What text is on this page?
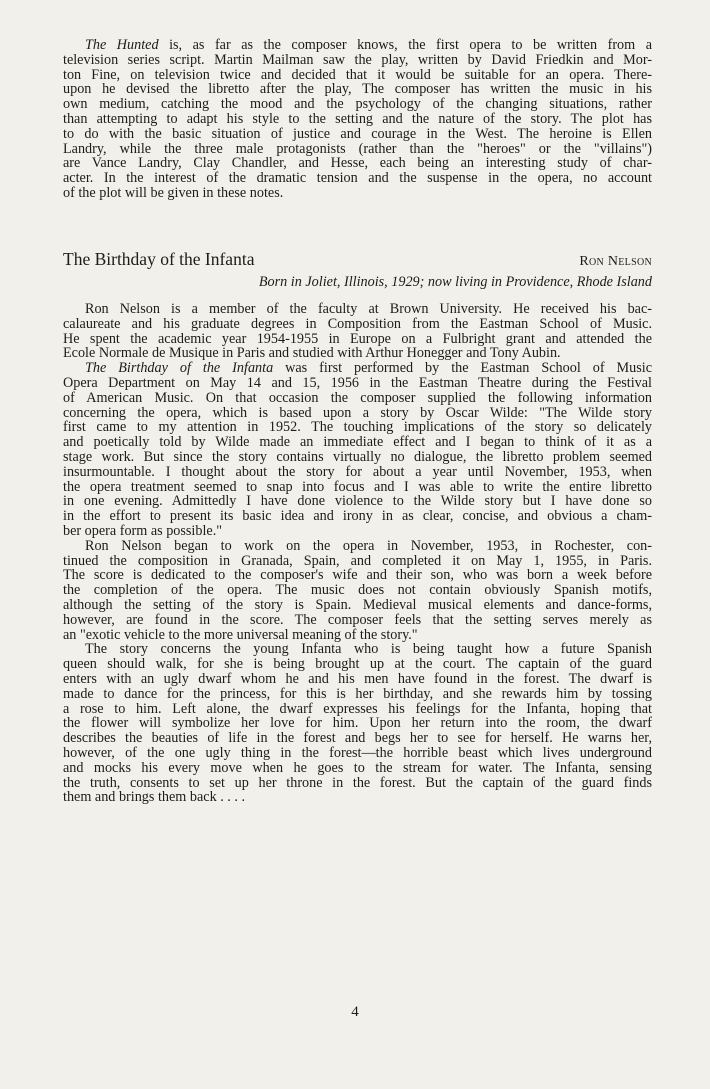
The Hunted is, as far as the composer knows, the first opera to be written from a
television series script. Martin Mailman saw the play, written by David Friedkin and Mor-
ton Fine, on television twice and decided that it would be suitable for an opera. There-
upon he devised the libretto after the play, The composer has written the music in his
own medium, catching the mood and the psychology of the changing situations, rather
than attempting to adapt his style to the setting and the nature of the story. The plot has
to do with the basic situation of justice and courage in the West. The heroine is Ellen
Landry, while the three male protagonists (rather than the "heroes" or the "villains")
are Vance Landry, Clay Chandler, and Hesse, each being an interesting study of char-
acter. In the interest of the dramatic tension and the suspense in the opera, no account
of the plot will be given in these notes.
The Birthday of the Infanta	Ron Nelson
Born in Joliet, Illinois, 1929; now living in Providence, Rhode Island
Ron Nelson is a member of the faculty at Brown University. He received his bac-
calaureate and his graduate degrees in Composition from the Eastman School of Music.
He spent the academic year 1954-1955 in Europe on a Fulbright grant and attended the
Ecole Normale de Musique in Paris and studied with Arthur Honegger and Tony Aubin.
The Birthday of the Infanta was first performed by the Eastman School of Music
Opera Department on May 14 and 15, 1956 in the Eastman Theatre during the Festival
of American Music. On that occasion the composer supplied the following information
concerning the opera, which is based upon a story by Oscar Wilde: "The Wilde story
first came to my attention in 1952. The touching implications of the story so delicately
and poetically told by Wilde made an immediate effect and I began to think of it as a
stage work. But since the story contains virtually no dialogue, the libretto problem seemed
insurmountable. I thought about the story for about a year until November, 1953, when
the opera treatment seemed to snap into focus and I was able to write the entire libretto
in one evening. Admittedly I have done violence to the Wilde story but I have done so
in the effort to present its basic idea and irony in as clear, concise, and obvious a cham-
ber opera form as possible."
Ron Nelson began to work on the opera in November, 1953, in Rochester, con-
tinued the composition in Granada, Spain, and completed it on May 1, 1955, in Paris.
The score is dedicated to the composer's wife and their son, who was born a week before
the completion of the opera. The music does not contain obviously Spanish motifs,
although the setting of the story is Spain. Medieval musical elements and dance-forms,
however, are found in the score. The composer feels that the setting serves merely as
an "exotic vehicle to the more universal meaning of the story."
The story concerns the young Infanta who is being taught how a future Spanish
queen should walk, for she is being brought up at the court. The captain of the guard
enters with an ugly dwarf whom he and his men have found in the forest. The dwarf is
made to dance for the princess, for this is her birthday, and she rewards him by tossing
a rose to him. Left alone, the dwarf expresses his feelings for the Infanta, hoping that
the flower will symbolize her love for him. Upon her return into the room, the dwarf
describes the beauties of life in the forest and begs her to see for herself. He warns her,
however, of the one ugly thing in the forest—the horrible beast which lives underground
and mocks his every move when he goes to the stream for water. The Infanta, sensing
the truth, consents to set up her throne in the forest. But the captain of the guard finds
them and brings them back . . . .
4
